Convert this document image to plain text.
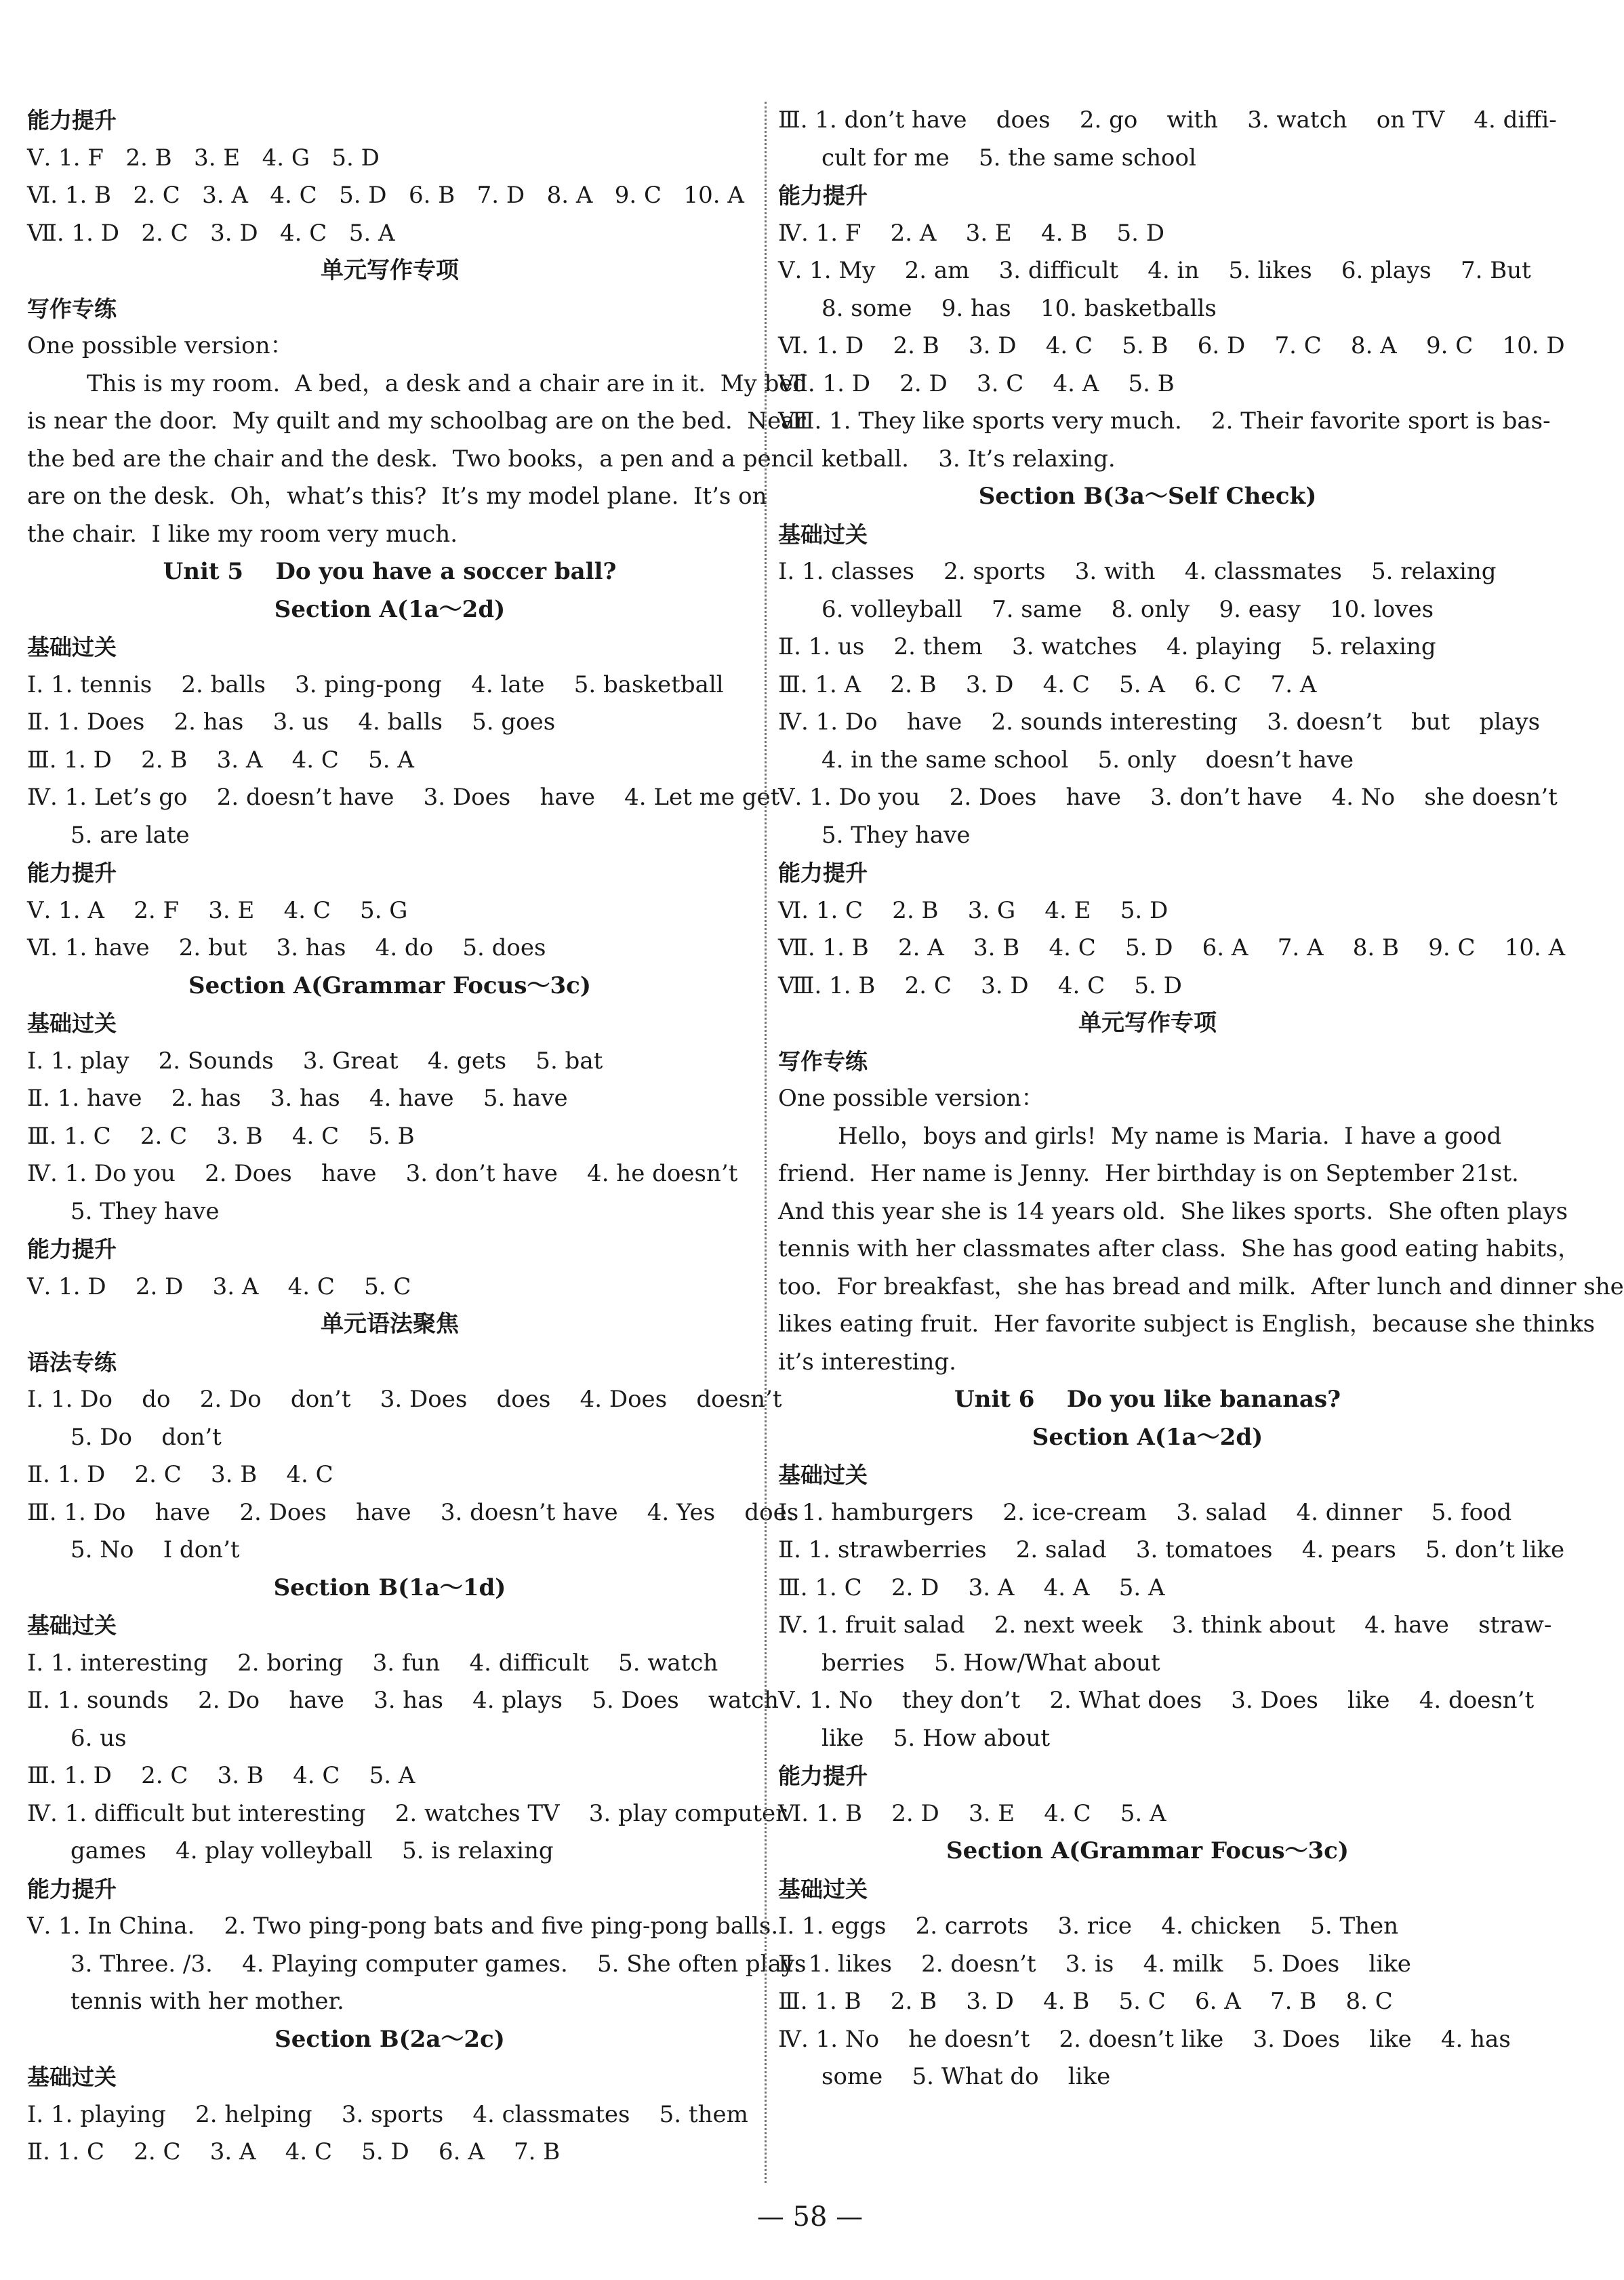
能力提升
Ⅴ. 1. F   2. B   3. E   4. G   5. D
Ⅵ. 1. B   2. C   3. A   4. C   5. D   6. B   7. D   8. A   9. C   10. A
Ⅶ. 1. D   2. C   3. D   4. C   5. A
单元写作专项
写作专练
One possible version：
This is my room.  A bed，a desk and a chair are in it.  My bed
is near the door.  My quilt and my schoolbag are on the bed.  Near
the bed are the chair and the desk.  Two books，a pen and a pencil
are on the desk.  Oh，what’s this?  It’s my model plane.  It’s on
the chair.  I like my room very much.
Unit 5    Do you have a soccer ball?
Section A(1a～2d)
基础过关
Ⅰ. 1. tennis    2. balls    3. ping-pong    4. late    5. basketball
Ⅱ. 1. Does    2. has    3. us    4. balls    5. goes
Ⅲ. 1. D    2. B    3. A    4. C    5. A
Ⅳ. 1. Let’s go    2. doesn’t have    3. Does    have    4. Let me get
5. are late
能力提升
Ⅴ. 1. A    2. F    3. E    4. C    5. G
Ⅵ. 1. have    2. but    3. has    4. do    5. does
Section A(Grammar Focus～3c)
基础过关
Ⅰ. 1. play    2. Sounds    3. Great    4. gets    5. bat
Ⅱ. 1. have    2. has    3. has    4. have    5. have
Ⅲ. 1. C    2. C    3. B    4. C    5. B
Ⅳ. 1. Do you    2. Does    have    3. don’t have    4. he doesn’t
5. They have
能力提升
Ⅴ. 1. D    2. D    3. A    4. C    5. C
单元语法聚焦
语法专练
Ⅰ. 1. Do    do    2. Do    don’t    3. Does    does    4. Does    doesn’t
5. Do    don’t
Ⅱ. 1. D    2. C    3. B    4. C
Ⅲ. 1. Do    have    2. Does    have    3. doesn’t have    4. Yes    does
5. No    I don’t
Section B(1a～1d)
基础过关
Ⅰ. 1. interesting    2. boring    3. fun    4. difficult    5. watch
Ⅱ. 1. sounds    2. Do    have    3. has    4. plays    5. Does    watch
6. us
Ⅲ. 1. D    2. C    3. B    4. C    5. A
Ⅳ. 1. difficult but interesting    2. watches TV    3. play computer
games    4. play volleyball    5. is relaxing
能力提升
Ⅴ. 1. In China.    2. Two ping-pong bats and five ping-pong balls.
3. Three. /3.    4. Playing computer games.    5. She often plays
tennis with her mother.
Section B(2a～2c)
基础过关
Ⅰ. 1. playing    2. helping    3. sports    4. classmates    5. them
Ⅱ. 1. C    2. C    3. A    4. C    5. D    6. A    7. B
Ⅲ. 1. don’t have    does    2. go    with    3. watch    on TV    4. diffi-
cult for me    5. the same school
能力提升
Ⅳ. 1. F    2. A    3. E    4. B    5. D
Ⅴ. 1. My    2. am    3. difficult    4. in    5. likes    6. plays    7. But
8. some    9. has    10. basketballs
Ⅵ. 1. D    2. B    3. D    4. C    5. B    6. D    7. C    8. A    9. C    10. D
Ⅶ. 1. D    2. D    3. C    4. A    5. B
Ⅷ. 1. They like sports very much.    2. Their favorite sport is bas-
ketball.    3. It’s relaxing.
Section B(3a～Self Check)
基础过关
Ⅰ. 1. classes    2. sports    3. with    4. classmates    5. relaxing
6. volleyball    7. same    8. only    9. easy    10. loves
Ⅱ. 1. us    2. them    3. watches    4. playing    5. relaxing
Ⅲ. 1. A    2. B    3. D    4. C    5. A    6. C    7. A
Ⅳ. 1. Do    have    2. sounds interesting    3. doesn’t    but    plays
4. in the same school    5. only    doesn’t have
Ⅴ. 1. Do you    2. Does    have    3. don’t have    4. No    she doesn’t
5. They have
能力提升
Ⅵ. 1. C    2. B    3. G    4. E    5. D
Ⅶ. 1. B    2. A    3. B    4. C    5. D    6. A    7. A    8. B    9. C    10. A
Ⅷ. 1. B    2. C    3. D    4. C    5. D
单元写作专项
写作专练
One possible version：
Hello，boys and girls!  My name is Maria.  I have a good
friend.  Her name is Jenny.  Her birthday is on September 21st.
And this year she is 14 years old.  She likes sports.  She often plays
tennis with her classmates after class.  She has good eating habits，
too.  For breakfast，she has bread and milk.  After lunch and dinner she
likes eating fruit.  Her favorite subject is English，because she thinks
it’s interesting.
Unit 6    Do you like bananas?
Section A(1a～2d)
基础过关
Ⅰ. 1. hamburgers    2. ice-cream    3. salad    4. dinner    5. food
Ⅱ. 1. strawberries    2. salad    3. tomatoes    4. pears    5. don’t like
Ⅲ. 1. C    2. D    3. A    4. A    5. A
Ⅳ. 1. fruit salad    2. next week    3. think about    4. have    straw-
berries    5. How/What about
Ⅴ. 1. No    they don’t    2. What does    3. Does    like    4. doesn’t
like    5. How about
能力提升
Ⅵ. 1. B    2. D    3. E    4. C    5. A
Section A(Grammar Focus～3c)
基础过关
Ⅰ. 1. eggs    2. carrots    3. rice    4. chicken    5. Then
Ⅱ. 1. likes    2. doesn’t    3. is    4. milk    5. Does    like
Ⅲ. 1. B    2. B    3. D    4. B    5. C    6. A    7. B    8. C
Ⅳ. 1. No    he doesn’t    2. doesn’t like    3. Does    like    4. has
some    5. What do    like
— 58 —
